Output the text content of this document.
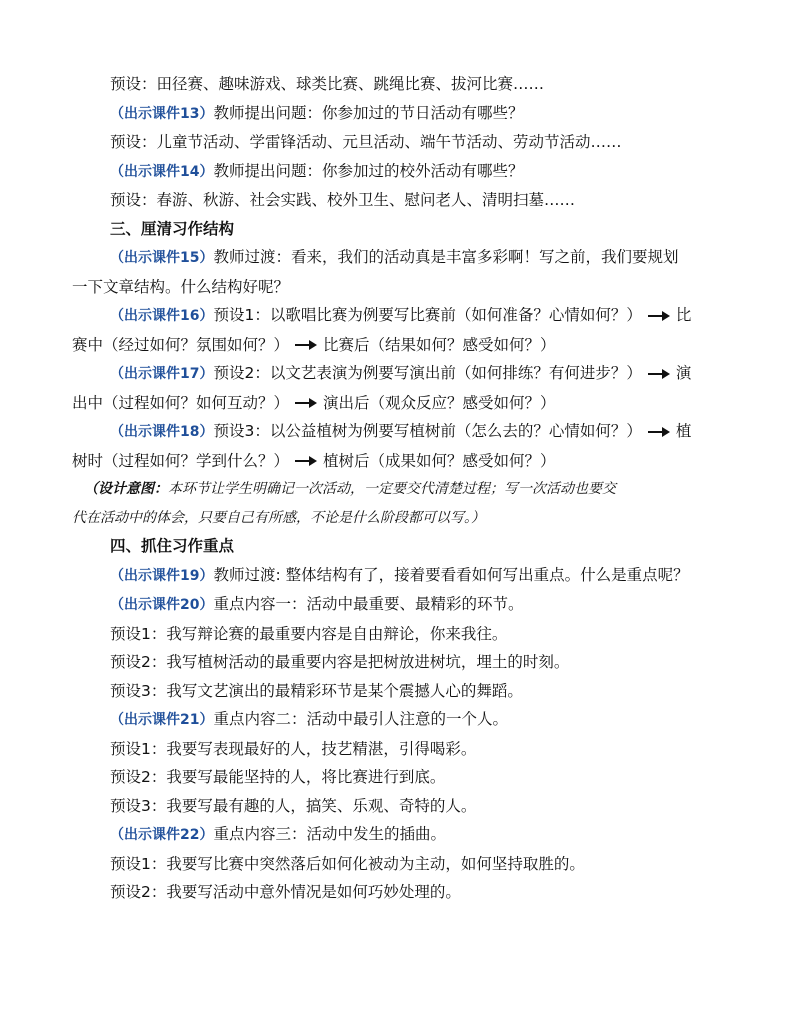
预设：田径赛、趣味游戏、球类比赛、跳绳比赛、拔河比赛……

（出示课件13）教师提出问题：你参加过的节日活动有哪些？

预设：儿童节活动、学雷锋活动、元旦活动、端午节活动、劳动节活动……

（出示课件14）教师提出问题：你参加过的校外活动有哪些？

预设：春游、秋游、社会实践、校外卫生、慰问老人、清明扫墓……

三、厘清习作结构

（出示课件15）教师过渡：看来，我们的活动真是丰富多彩啊！写之前，我们要规划

一下文章结构。什么结构好呢？

（出示课件16）预设1：以歌唱比赛为例要写比赛前（如何准备？心情如何？） 比

赛中（经过如何？氛围如何？） 比赛后（结果如何？感受如何？）

（出示课件17）预设2：以文艺表演为例要写演出前（如何排练？有何进步？） 演

出中（过程如何？如何互动？） 演出后（观众反应？感受如何？）

（出示课件18）预设3：以公益植树为例要写植树前（怎么去的？心情如何？） 植

树时（过程如何？学到什么？） 植树后（成果如何？感受如何？）

（设计意图：本环节让学生明确记一次活动，一定要交代清楚过程；写一次活动也要交

代在活动中的体会，只要自己有所感，不论是什么阶段都可以写。）

四、抓住习作重点

（出示课件19）教师过渡: 整体结构有了，接着要看看如何写出重点。什么是重点呢？

（出示课件20）重点内容一：活动中最重要、最精彩的环节。

预设1：我写辩论赛的最重要内容是自由辩论，你来我往。

预设2：我写植树活动的最重要内容是把树放进树坑，埋土的时刻。

预设3：我写文艺演出的最精彩环节是某个震撼人心的舞蹈。

（出示课件21）重点内容二：活动中最引人注意的一个人。

预设1：我要写表现最好的人，技艺精湛，引得喝彩。

预设2：我要写最能坚持的人，将比赛进行到底。

预设3：我要写最有趣的人，搞笑、乐观、奇特的人。

（出示课件22）重点内容三：活动中发生的插曲。

预设1：我要写比赛中突然落后如何化被动为主动，如何坚持取胜的。

预设2：我要写活动中意外情况是如何巧妙处理的。
